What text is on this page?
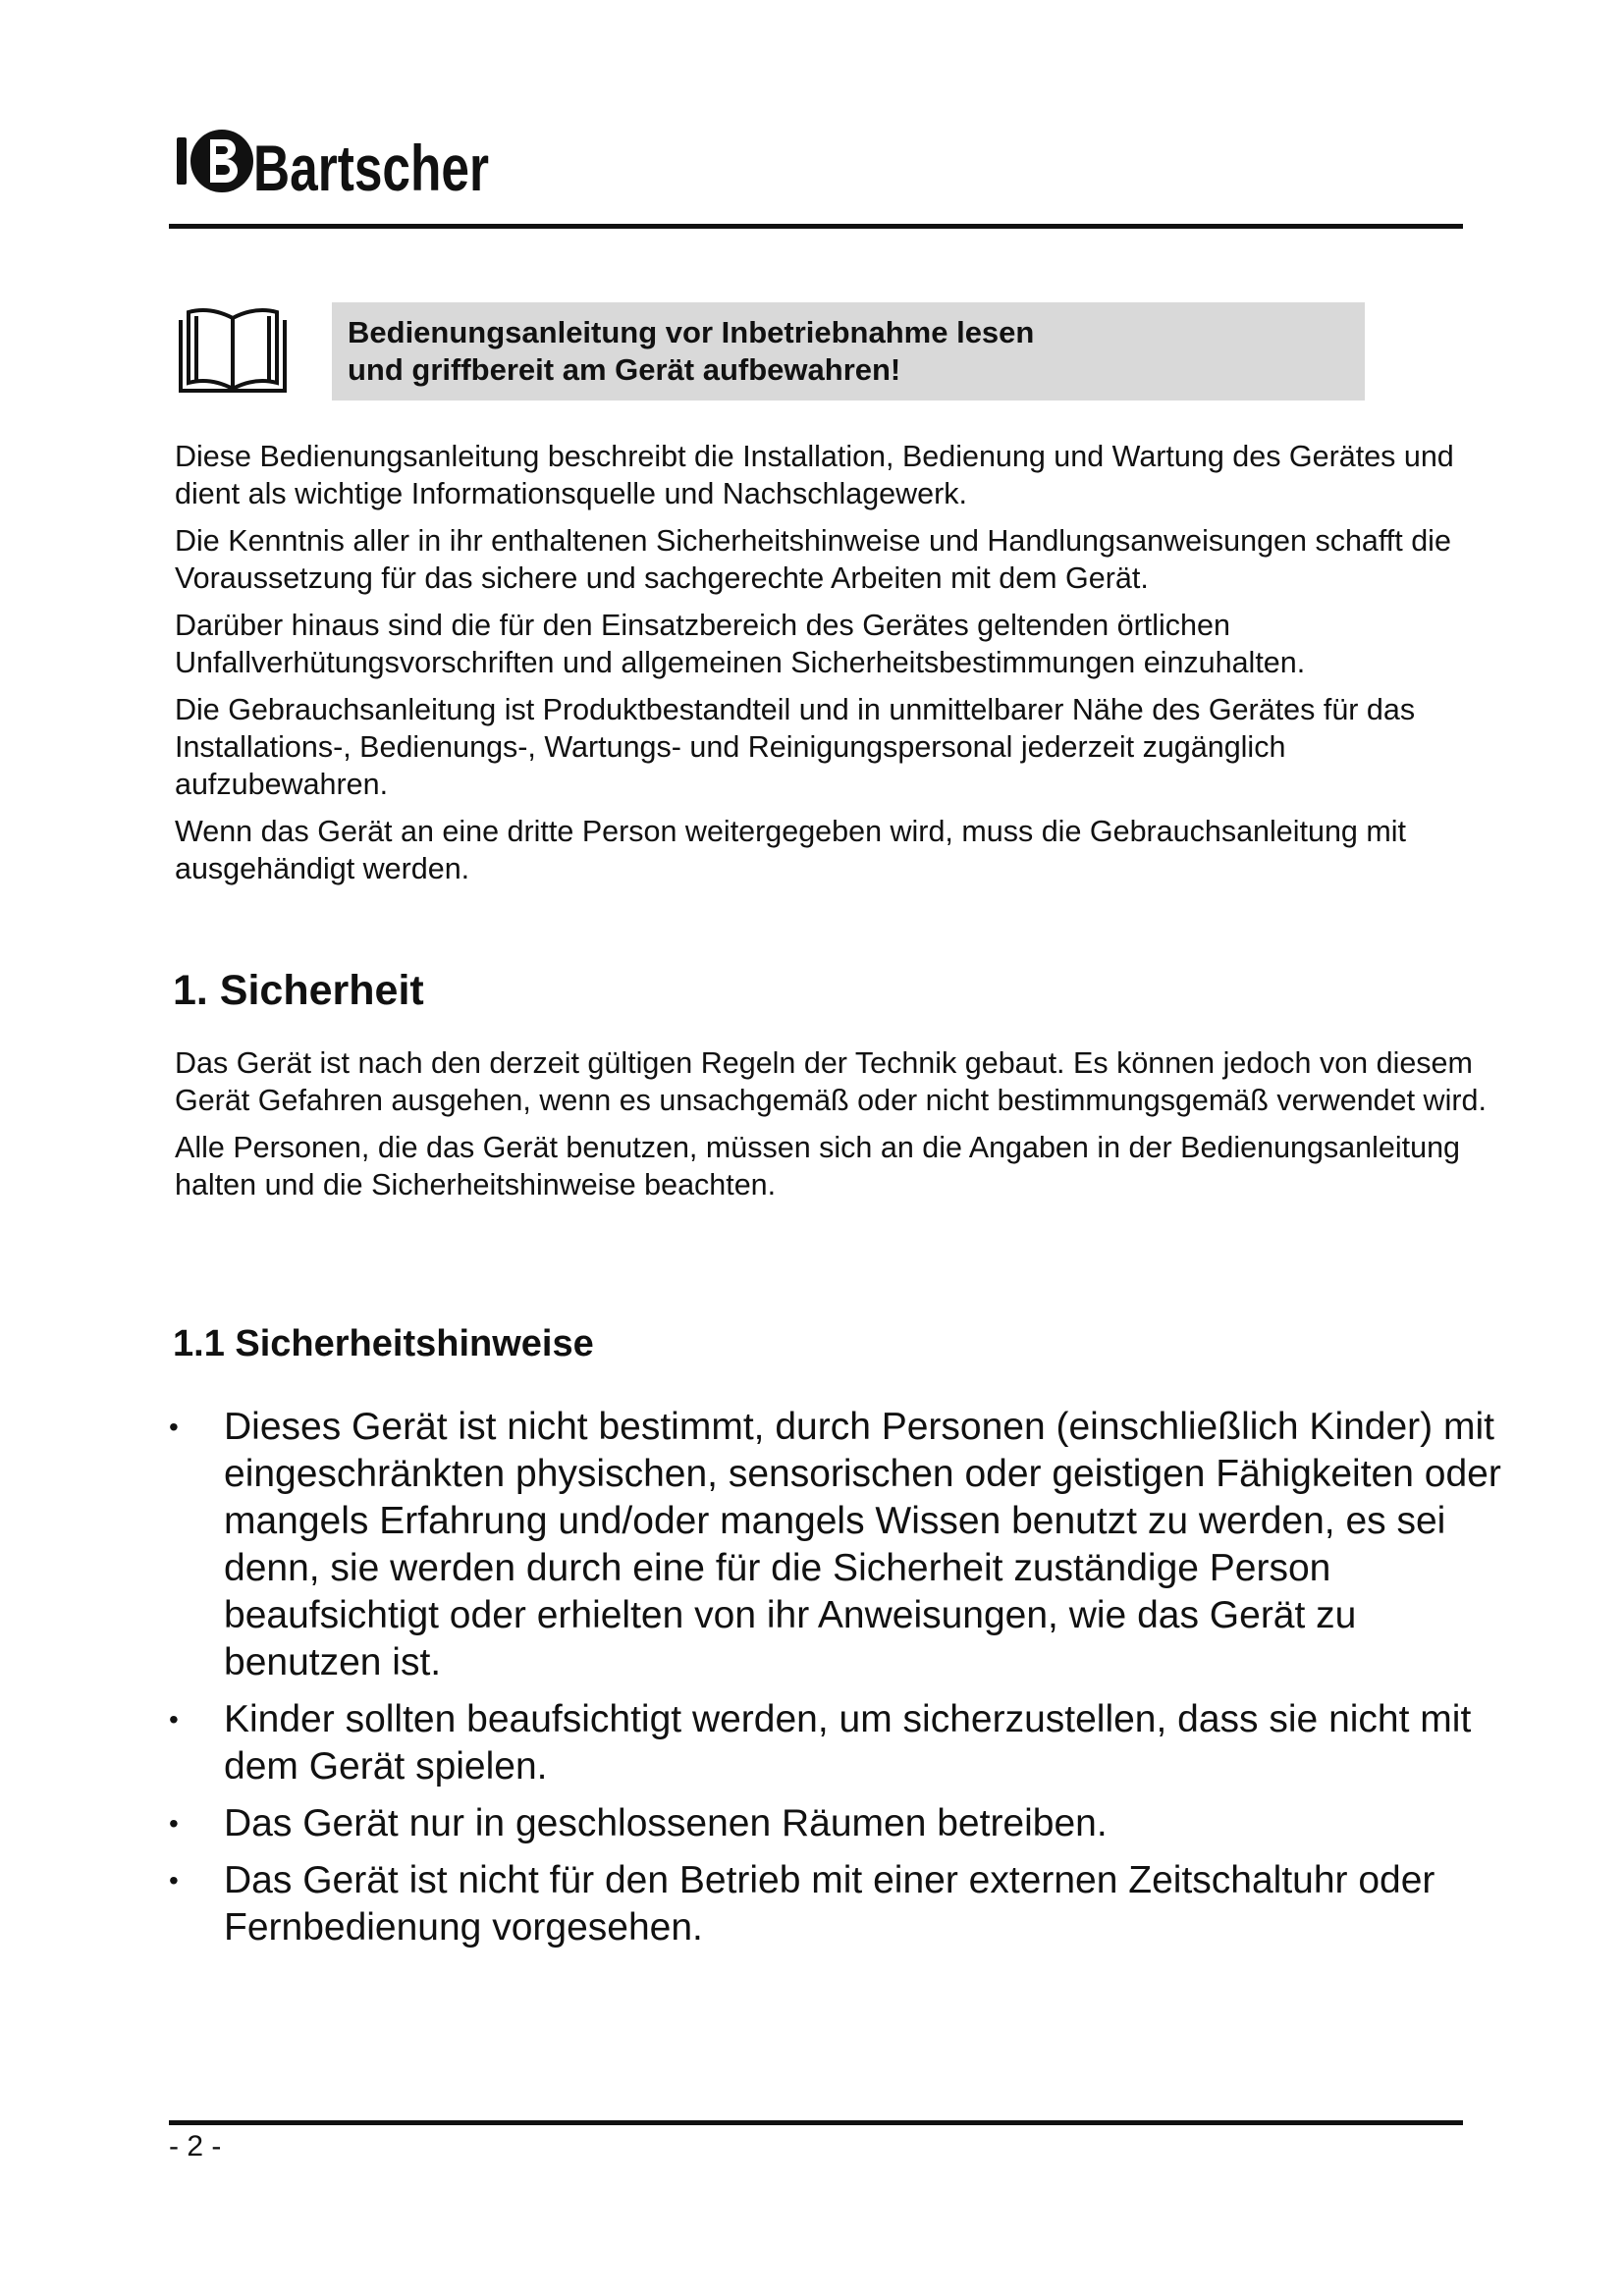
Bartscher
Bedienungsanleitung vor Inbetriebnahme lesen
und griffbereit am Gerät aufbewahren!

Diese Bedienungsanleitung beschreibt die Installation, Bedienung und Wartung des Gerätes und dient als wichtige Informationsquelle und Nachschlagewerk.

Die Kenntnis aller in ihr enthaltenen Sicherheitshinweise und Handlungsanweisungen schafft die Voraussetzung für das sichere und sachgerechte Arbeiten mit dem Gerät.

Darüber hinaus sind die für den Einsatzbereich des Gerätes geltenden örtlichen Unfallverhütungsvorschriften und allgemeinen Sicherheitsbestimmungen einzuhalten.

Die Gebrauchsanleitung ist Produktbestandteil und in unmittelbarer Nähe des Gerätes für das Installations-, Bedienungs-, Wartungs- und Reinigungspersonal jederzeit zugänglich aufzubewahren.

Wenn das Gerät an eine dritte Person weitergegeben wird, muss die Gebrauchsanleitung mit ausgehändigt werden.

1. Sicherheit

Das Gerät ist nach den derzeit gültigen Regeln der Technik gebaut. Es können jedoch von diesem Gerät Gefahren ausgehen, wenn es unsachgemäß oder nicht bestimmungsgemäß verwendet wird.

Alle Personen, die das Gerät benutzen, müssen sich an die Angaben in der Bedienungsanleitung halten und die Sicherheitshinweise beachten.

1.1 Sicherheitshinweise
• Dieses Gerät ist nicht bestimmt, durch Personen (einschließlich Kinder) mit eingeschränkten physischen, sensorischen oder geistigen Fähigkeiten oder mangels Erfahrung und/oder mangels Wissen benutzt zu werden, es sei denn, sie werden durch eine für die Sicherheit zuständige Person beaufsichtigt oder erhielten von ihr Anweisungen, wie das Gerät zu benutzen ist.
• Kinder sollten beaufsichtigt werden, um sicherzustellen, dass sie nicht mit dem Gerät spielen.
• Das Gerät nur in geschlossenen Räumen betreiben.
• Das Gerät ist nicht für den Betrieb mit einer externen Zeitschaltuhr oder Fernbedienung vorgesehen.
- 2 -
